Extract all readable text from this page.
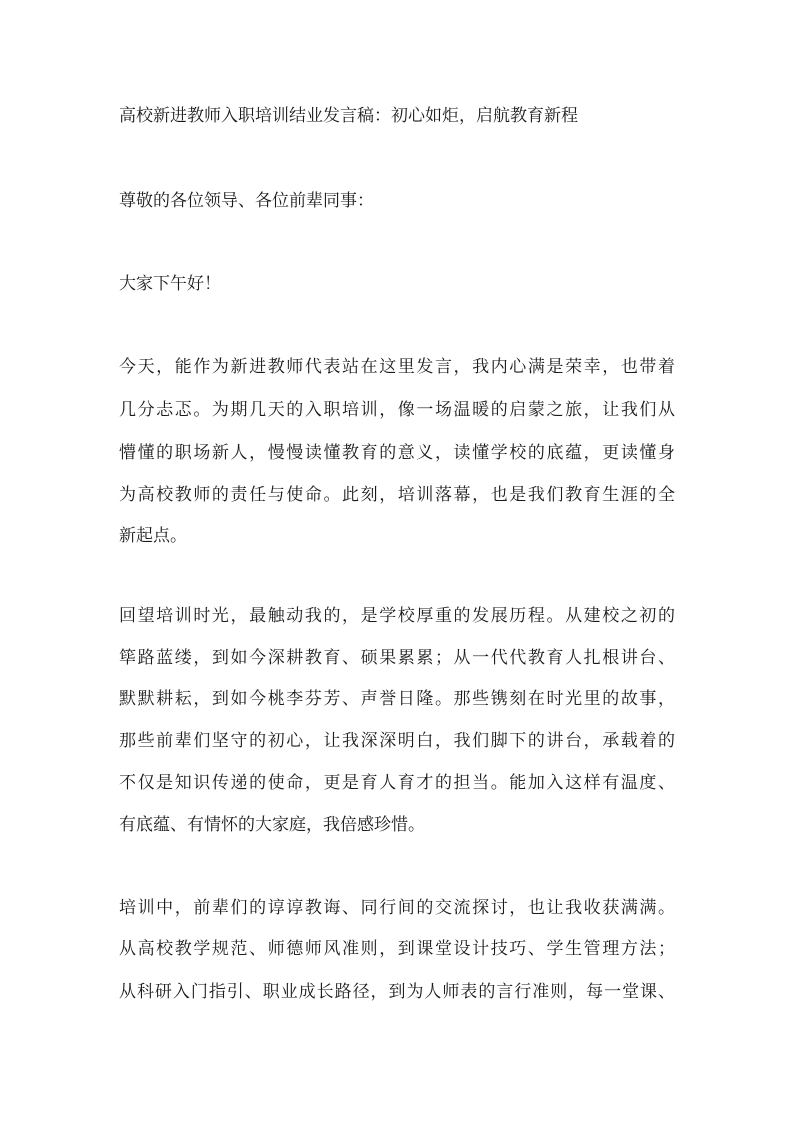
高校新进教师入职培训结业发言稿：初心如炬，启航教育新程
尊敬的各位领导、各位前辈同事：
大家下午好！
今天，能作为新进教师代表站在这里发言，我内心满是荣幸，也带着
几分忐忑。为期几天的入职培训，像一场温暖的启蒙之旅，让我们从
懵懂的职场新人，慢慢读懂教育的意义，读懂学校的底蕴，更读懂身
为高校教师的责任与使命。此刻，培训落幕，也是我们教育生涯的全
新起点。
回望培训时光，最触动我的，是学校厚重的发展历程。从建校之初的
筚路蓝缕，到如今深耕教育、硕果累累；从一代代教育人扎根讲台、
默默耕耘，到如今桃李芬芳、声誉日隆。那些镌刻在时光里的故事，
那些前辈们坚守的初心，让我深深明白，我们脚下的讲台，承载着的
不仅是知识传递的使命，更是育人育才的担当。能加入这样有温度、
有底蕴、有情怀的大家庭，我倍感珍惜。
培训中，前辈们的谆谆教诲、同行间的交流探讨，也让我收获满满。
从高校教学规范、师德师风准则，到课堂设计技巧、学生管理方法；
从科研入门指引、职业成长路径，到为人师表的言行准则，每一堂课、
